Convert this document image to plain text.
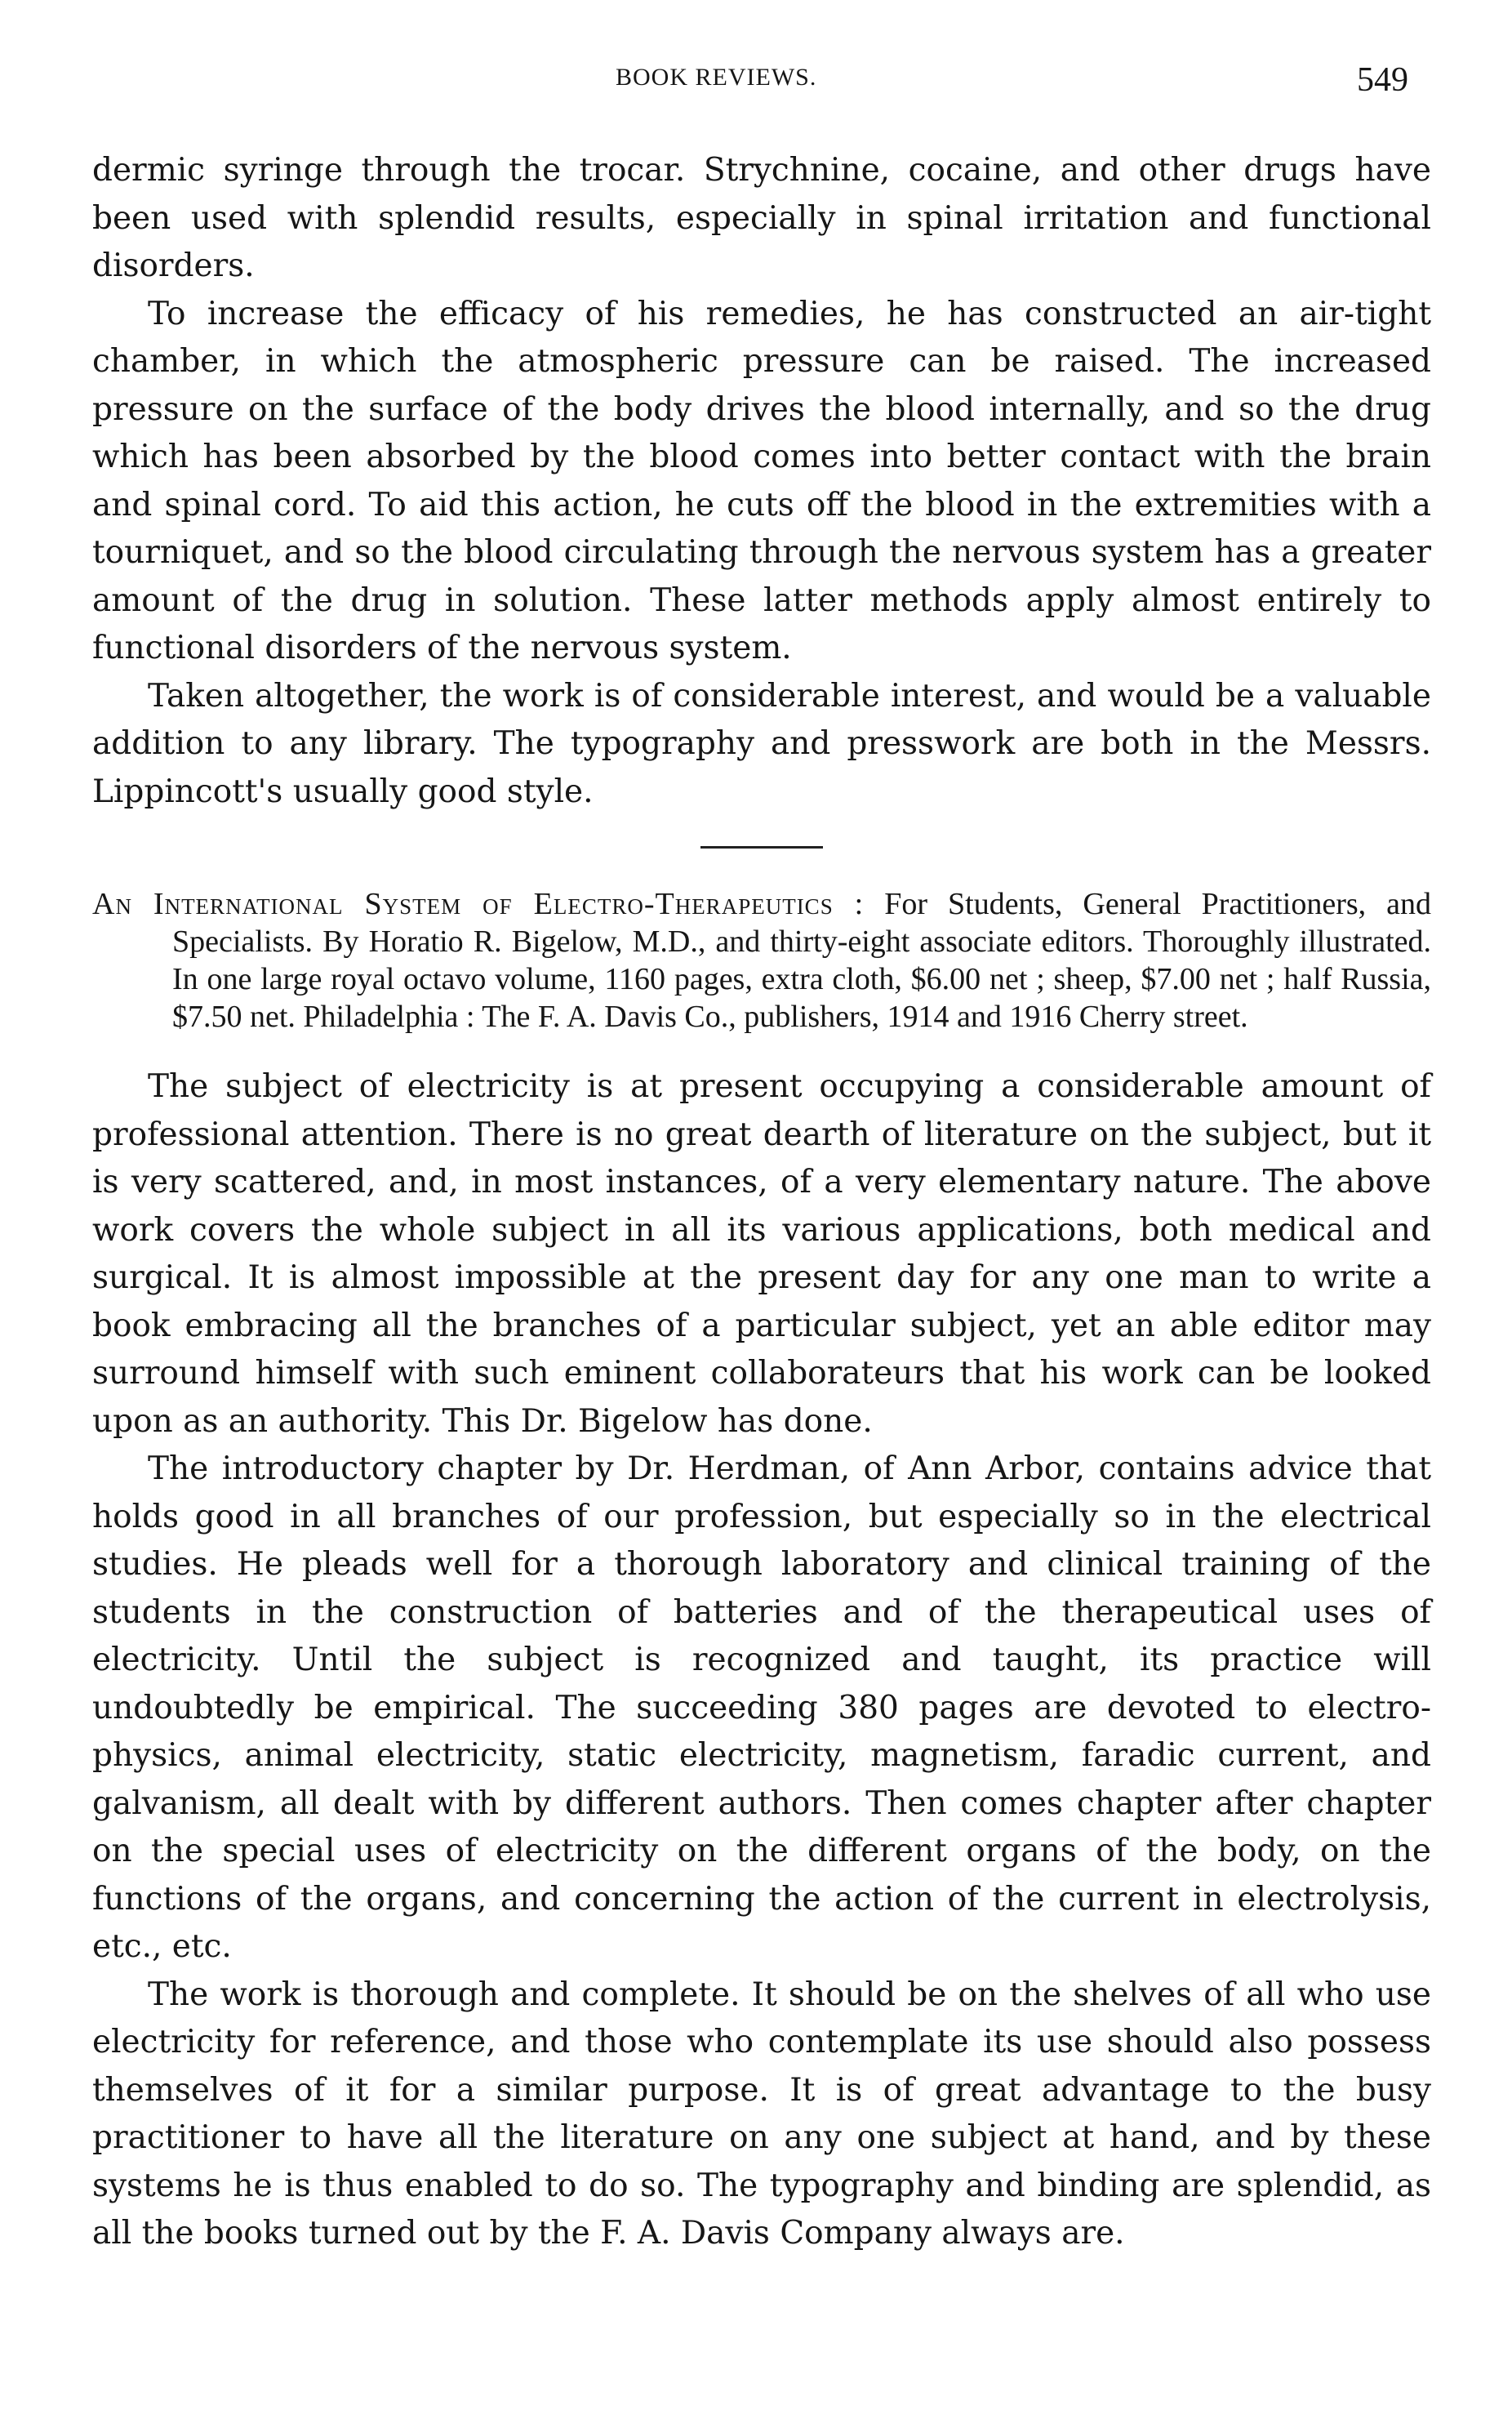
BOOK REVIEWS.	549

dermic syringe through the trocar. Strychnine, cocaine, and other drugs have been used with splendid results, especially in spinal irritation and functional disorders.

To increase the efficacy of his remedies, he has constructed an air-tight chamber, in which the atmospheric pressure can be raised. The increased pressure on the surface of the body drives the blood internally, and so the drug which has been absorbed by the blood comes into better contact with the brain and spinal cord. To aid this action, he cuts off the blood in the extremities with a tourniquet, and so the blood circulating through the nervous system has a greater amount of the drug in solution. These latter methods apply almost entirely to functional disorders of the nervous system.

Taken altogether, the work is of considerable interest, and would be a valuable addition to any library. The typography and presswork are both in the Messrs. Lippincott's usually good style.

An International System of Electro-Therapeutics : For Students, General Practitioners, and Specialists. By Horatio R. Bigelow, M.D., and thirty-eight associate editors. Thoroughly illustrated. In one large royal octavo volume, 1160 pages, extra cloth, $6.00 net ; sheep, $7.00 net ; half Russia, $7.50 net. Philadelphia : The F. A. Davis Co., publishers, 1914 and 1916 Cherry street.

The subject of electricity is at present occupying a considerable amount of professional attention. There is no great dearth of literature on the subject, but it is very scattered, and, in most instances, of a very elementary nature. The above work covers the whole subject in all its various applications, both medical and surgical. It is almost impossible at the present day for any one man to write a book embracing all the branches of a particular subject, yet an able editor may surround himself with such eminent collaborateurs that his work can be looked upon as an authority. This Dr. Bigelow has done.

The introductory chapter by Dr. Herdman, of Ann Arbor, contains advice that holds good in all branches of our profession, but especially so in the electrical studies. He pleads well for a thorough laboratory and clinical training of the students in the construction of batteries and of the therapeutical uses of electricity. Until the subject is recognized and taught, its practice will undoubtedly be empirical. The succeeding 380 pages are devoted to electro-physics, animal electricity, static electricity, magnetism, faradic current, and galvanism, all dealt with by different authors. Then comes chapter after chapter on the special uses of electricity on the different organs of the body, on the functions of the organs, and concerning the action of the current in electrolysis, etc., etc.

The work is thorough and complete. It should be on the shelves of all who use electricity for reference, and those who contemplate its use should also possess themselves of it for a similar purpose. It is of great advantage to the busy practitioner to have all the literature on any one subject at hand, and by these systems he is thus enabled to do so. The typography and binding are splendid, as all the books turned out by the F. A. Davis Company always are.
